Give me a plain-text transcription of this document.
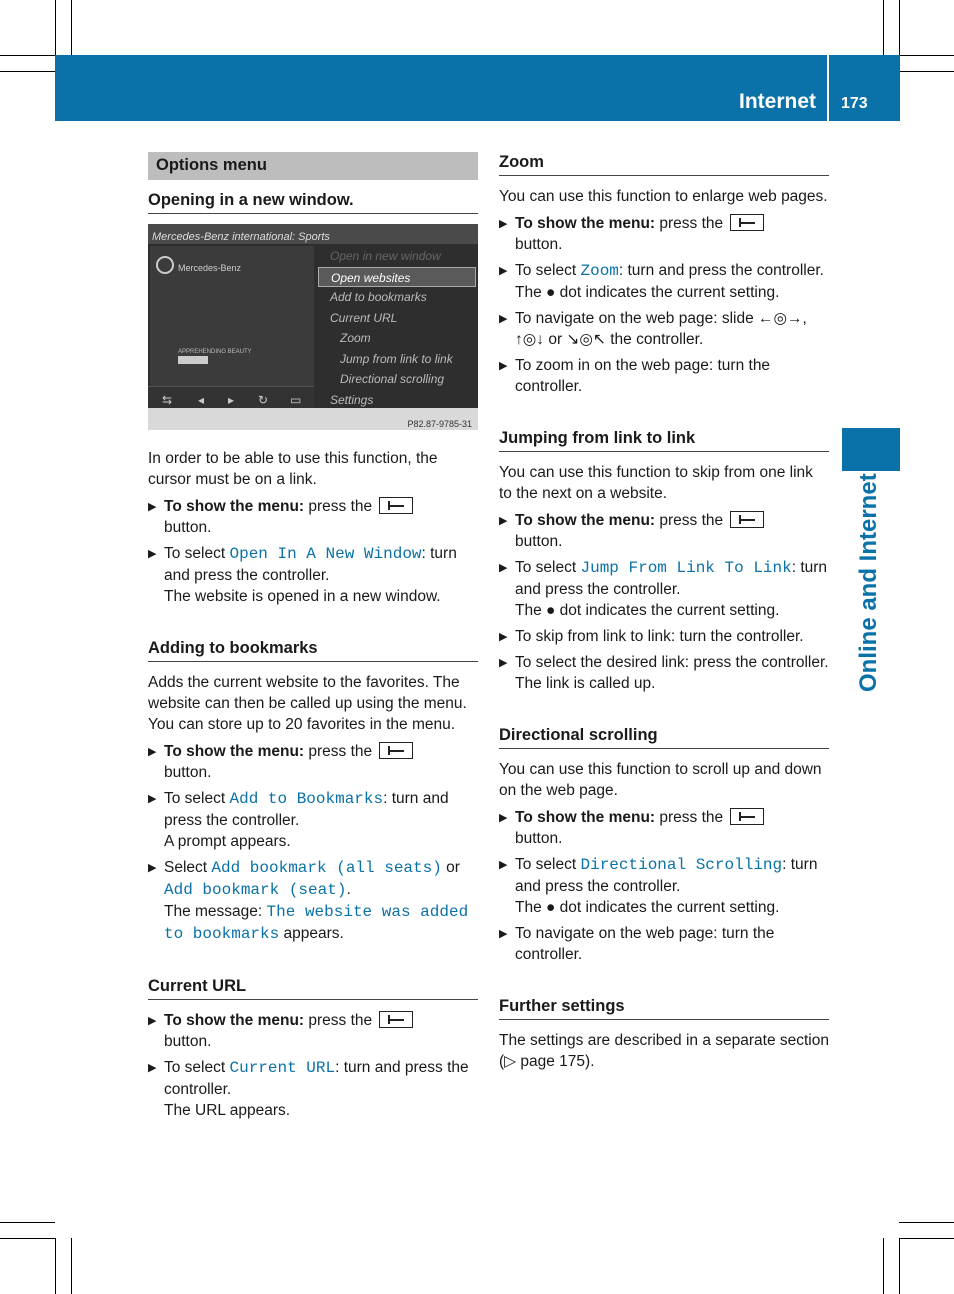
Internet 173
Online and Internet
Options menu
Opening in a new window.
Mercedes-Benz international: Sports
Mercedes-Benz
APPREHENDING BEAUTY
Open in new window
Open websites
Add to bookmarks
Current URL
Zoom
Jump from link to link
Directional scrolling
Settings
⇆ ◂ ▸ ↻ ▭
P82.87-9785-31

In order to be able to use this function, the cursor must be on a link.

▶ To show the menu: press the
button.
▶ To select Open In A New Window: turn and press the controller.
The website is opened in a new window.
Adding to bookmarks

Adds the current website to the favorites. The website can then be called up using the menu. You can store up to 20 favorites in the menu.

▶ To show the menu: press the
button.
▶ To select Add to Bookmarks: turn and press the controller.
A prompt appears.
▶ Select Add bookmark (all seats) or Add bookmark (seat).
The message: The website was added to bookmarks appears.
Current URL
▶ To show the menu: press the
button.
▶ To select Current URL: turn and press the controller.
The URL appears.
Zoom

You can use this function to enlarge web pages.

▶ To show the menu: press the
button.
▶ To select Zoom: turn and press the controller.
The ● dot indicates the current setting.
▶ To navigate on the web page: slide ←◎→,
↑◎↓ or ↘◎↖ the controller.
▶ To zoom in on the web page: turn the controller.
Jumping from link to link

You can use this function to skip from one link to the next on a website.

▶ To show the menu: press the
button.
▶ To select Jump From Link To Link: turn and press the controller.
The ● dot indicates the current setting.
▶ To skip from link to link: turn the controller.
▶ To select the desired link: press the controller.
The link is called up.
Directional scrolling

You can use this function to scroll up and down on the web page.

▶ To show the menu: press the
button.
▶ To select Directional Scrolling: turn and press the controller.
The ● dot indicates the current setting.
▶ To navigate on the web page: turn the controller.
Further settings

The settings are described in a separate section (▷ page 175).
